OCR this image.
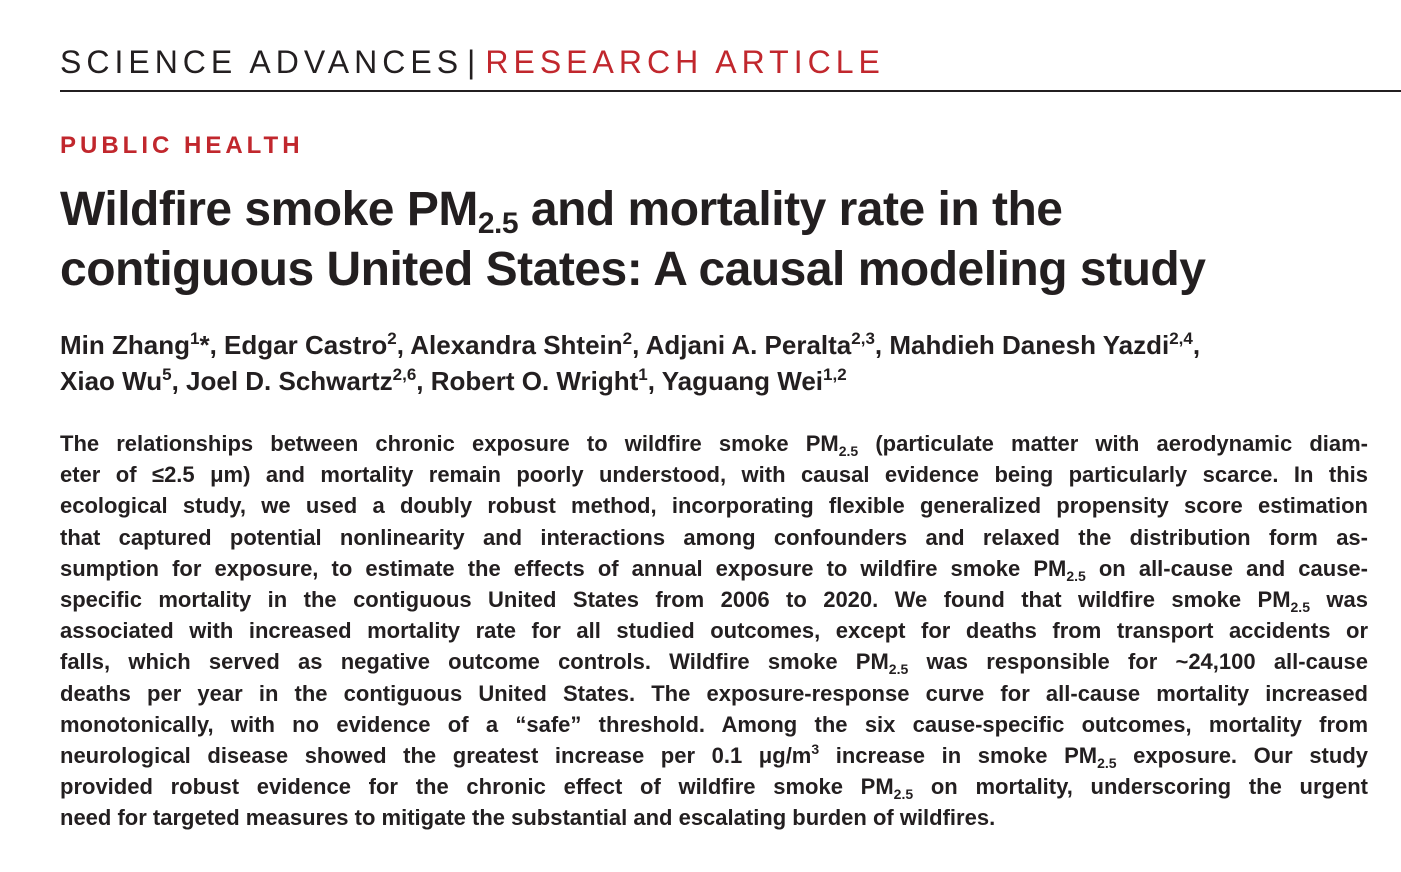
SCIENCE ADVANCES | RESEARCH ARTICLE
PUBLIC HEALTH
Wildfire smoke $PM_{2.5}$ and mortality rate in the
contiguous United States: A causal modeling study
Min Zhang$^1$*, Edgar Castro$^2$, Alexandra Shtein$^2$, Adjani A. Peralta$^{2,3}$, Mahdieh Danesh Yazdi$^{2,4}$,
Xiao Wu$^5$, Joel D. Schwartz$^{2,6}$, Robert O. Wright$^1$, Yaguang Wei$^{1,2}$
The relationships between chronic exposure to wildfire smoke $PM_{2.5}$ (particulate matter with aerodynamic diam-
eter of ≤2.5 μm) and mortality remain poorly understood, with causal evidence being particularly scarce. In this
ecological study, we used a doubly robust method, incorporating flexible generalized propensity score estimation
that captured potential nonlinearity and interactions among confounders and relaxed the distribution form as-
sumption for exposure, to estimate the effects of annual exposure to wildfire smoke $PM_{2.5}$ on all-cause and cause-
specific mortality in the contiguous United States from 2006 to 2020. We found that wildfire smoke $PM_{2.5}$ was
associated with increased mortality rate for all studied outcomes, except for deaths from transport accidents or
falls, which served as negative outcome controls. Wildfire smoke $PM_{2.5}$ was responsible for ~24,100 all-cause
deaths per year in the contiguous United States. The exposure-response curve for all-cause mortality increased
monotonically, with no evidence of a “safe” threshold. Among the six cause-specific outcomes, mortality from
neurological disease showed the greatest increase per 0.1 $\mu g/m^3$ increase in smoke $PM_{2.5}$ exposure. Our study
provided robust evidence for the chronic effect of wildfire smoke $PM_{2.5}$ on mortality, underscoring the urgent
need for targeted measures to mitigate the substantial and escalating burden of wildfires.
